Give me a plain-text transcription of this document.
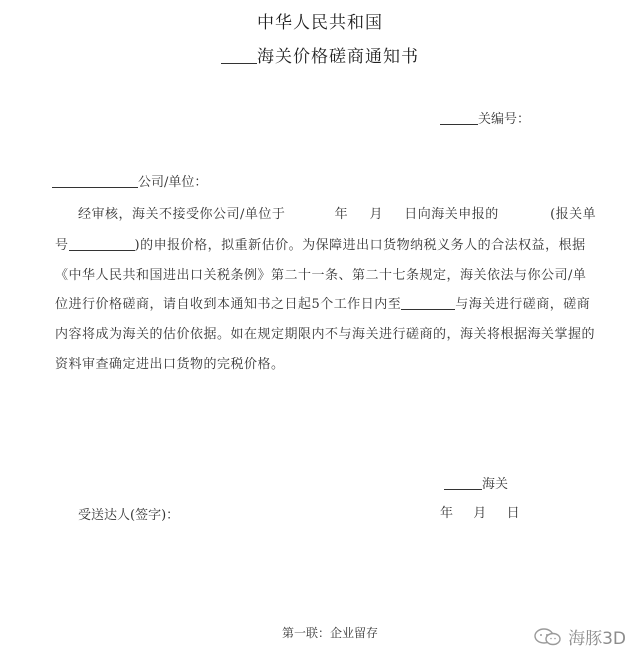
中华人民共和国
海关价格磋商通知书
关编号：
公司/单位：
经审核，海关不接受你公司/单位于	年 月 日向海关申报的	(报关单
号	)的申报价格，拟重新估价。为保障进出口货物纳税义务人的合法权益，根据
《中华人民共和国进出口关税条例》第二十一条、第二十七条规定，海关依法与你公司/单
位进行价格磋商，请自收到本通知书之日起5个工作日内至	与海关进行磋商，磋商
内容将成为海关的估价依据。如在规定期限内不与海关进行磋商的，海关将根据海关掌握的
资料审查确定进出口货物的完税价格。
海关
受送达人(签字)：	年 月 日
第一联：企业留存	海豚3D
